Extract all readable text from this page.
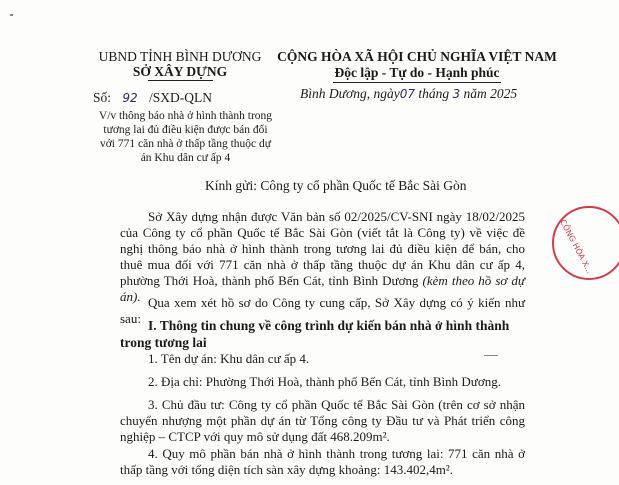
UBND TỈNH BÌNH DƯƠNG
SỞ XÂY DỰNG
Số: 92 /SXD-QLN
V/v thông báo nhà ở hình thành trong tương lai đủ điều kiện được bán đối với 771 căn nhà ở thấp tầng thuộc dự án Khu dân cư ấp 4
CỘNG HÒA XÃ HỘI CHỦ NGHĨA VIỆT NAM
Độc lập - Tự do - Hạnh phúc
Bình Dương, ngày07 tháng 3 năm 2025
Kính gửi: Công ty cổ phần Quốc tế Bắc Sài Gòn
Sở Xây dựng nhận được Văn bản số 02/2025/CV-SNI ngày 18/02/2025 của Công ty cổ phần Quốc tế Bắc Sài Gòn (viết tắt là Công ty) về việc đề nghị thông báo nhà ở hình thành trong tương lai đủ điều kiện để bán, cho thuê mua đối với 771 căn nhà ở thấp tầng thuộc dự án Khu dân cư ấp 4, phường Thới Hoà, thành phố Bến Cát, tỉnh Bình Dương (kèm theo hồ sơ dự án). Qua xem xét hồ sơ do Công ty cung cấp, Sở Xây dựng có ý kiến như sau: I. Thông tin chung về công trình dự kiến bán nhà ở hình thành trong tương lai
1. Tên dự án: Khu dân cư ấp 4.
2. Địa chỉ: Phường Thới Hoà, thành phố Bến Cát, tỉnh Bình Dương.
3. Chủ đầu tư: Công ty cổ phần Quốc tế Bắc Sài Gòn (trên cơ sở nhận chuyển nhượng một phần dự án từ Tổng công ty Đầu tư và Phát triển công nghiệp – CTCP với quy mô sử dụng đất 468.209m².
4. Quy mô phần bán nhà ở hình thành trong tương lai: 771 căn nhà ở thấp tầng với tổng diện tích sàn xây dựng khoảng: 143.402,4m².
CÔNG HÒA X...
